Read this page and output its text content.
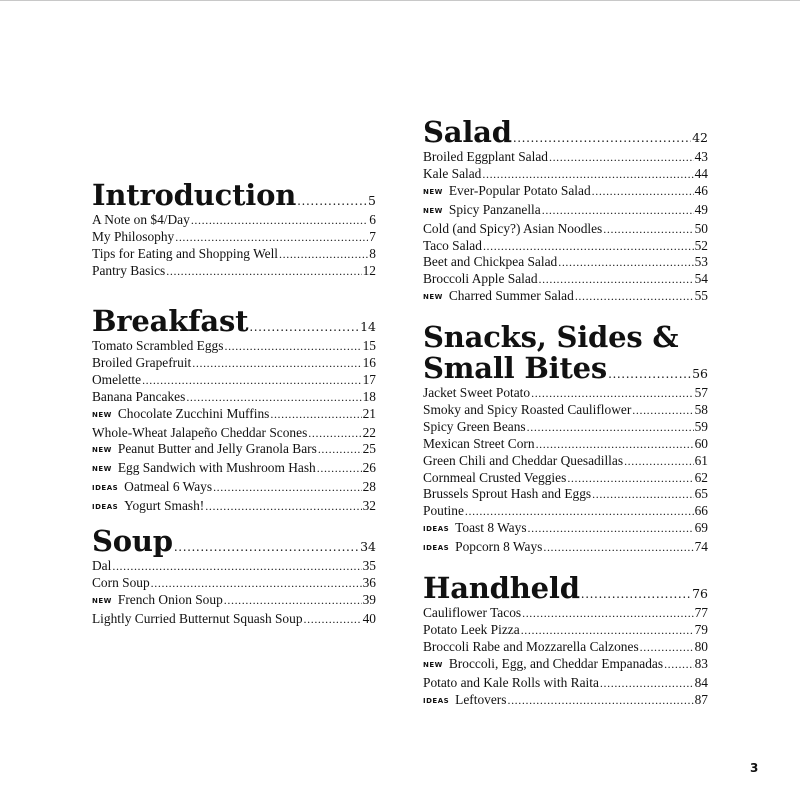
Introduction .....	5
A Note on $4/Day .....	6
My Philosophy .....	7
Tips for Eating and Shopping Well .....	8
Pantry Basics .....	12
Breakfast .....	14
Tomato Scrambled Eggs .....	15
Broiled Grapefruit .....	16
Omelette .....	17
Banana Pancakes .....	18
NEW Chocolate Zucchini Muffins .....	21
Whole-Wheat Jalapeño Cheddar Scones .....	22
NEW Peanut Butter and Jelly Granola Bars .....	25
NEW Egg Sandwich with Mushroom Hash .....	26
IDEAS Oatmeal 6 Ways .....	28
IDEAS Yogurt Smash! .....	32
Soup .....	34
Dal .....	35
Corn Soup .....	36
NEW French Onion Soup .....	39
Lightly Curried Butternut Squash Soup .....	40
Salad .....	42
Broiled Eggplant Salad .....	43
Kale Salad .....	44
NEW Ever-Popular Potato Salad .....	46
NEW Spicy Panzanella .....	49
Cold (and Spicy?) Asian Noodles .....	50
Taco Salad .....	52
Beet and Chickpea Salad .....	53
Broccoli Apple Salad .....	54
NEW Charred Summer Salad .....	55
Snacks, Sides &
Small Bites .....	56
Jacket Sweet Potato .....	57
Smoky and Spicy Roasted Cauliflower .....	58
Spicy Green Beans .....	59
Mexican Street Corn .....	60
Green Chili and Cheddar Quesadillas .....	61
Cornmeal Crusted Veggies .....	62
Brussels Sprout Hash and Eggs .....	65
Poutine .....	66
IDEAS Toast 8 Ways .....	69
IDEAS Popcorn 8 Ways .....	74
Handheld .....	76
Cauliflower Tacos .....	77
Potato Leek Pizza .....	79
Broccoli Rabe and Mozzarella Calzones .....	80
NEW Broccoli, Egg, and Cheddar Empanadas ..... 83
Potato and Kale Rolls with Raita .....	84
IDEAS Leftovers .....	87
3
